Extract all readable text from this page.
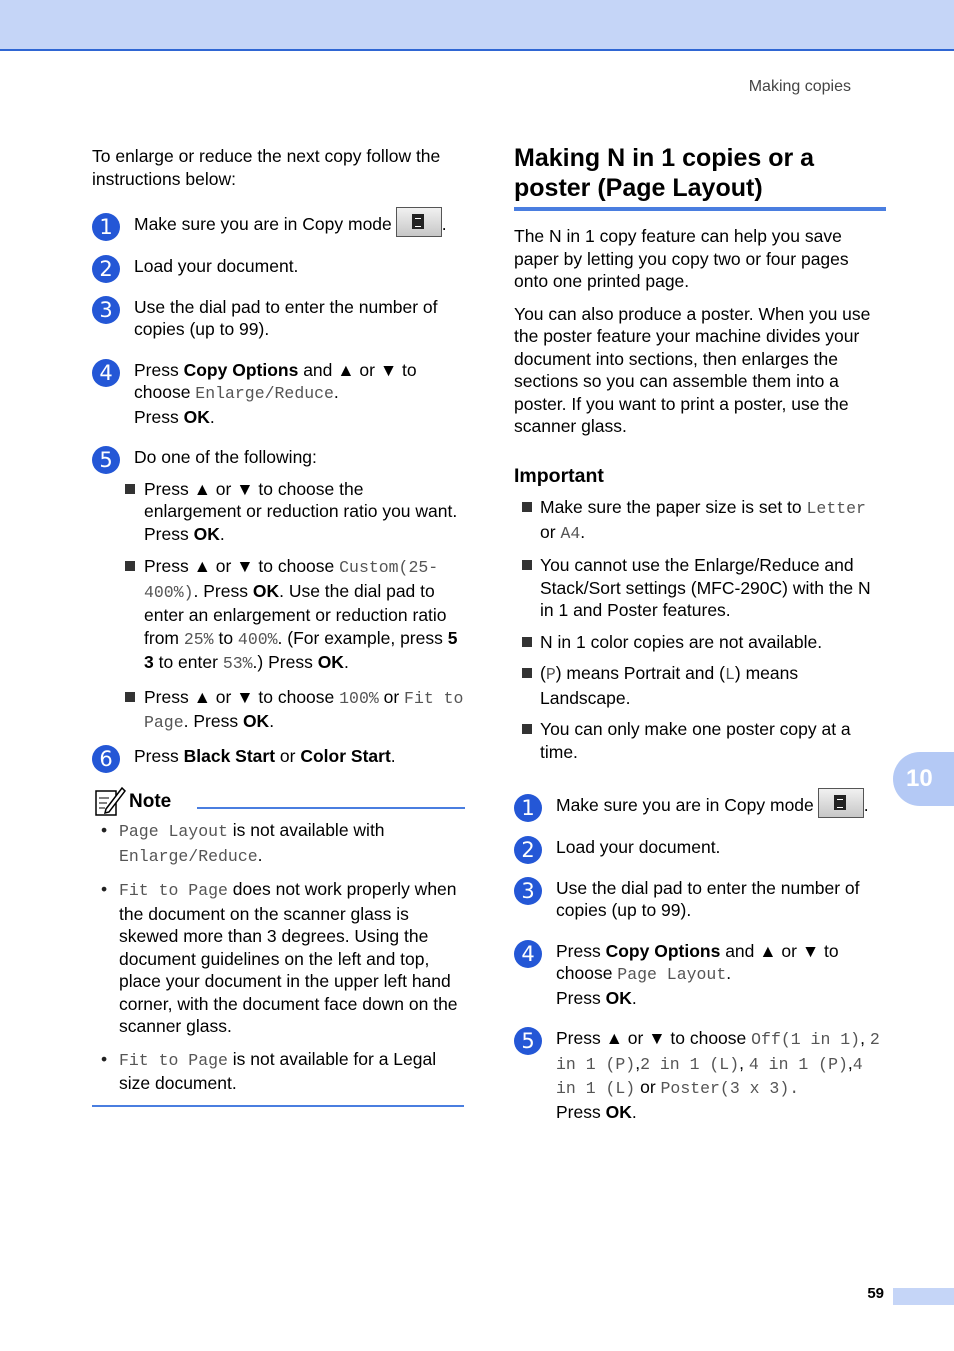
Making copies

To enlarge or reduce the next copy follow the instructions below:

1	Make sure you are in Copy mode	.
2	Load your document.
3	Use the dial pad to enter the number of copies (up to 99).
4	Press Copy Options and ▲ or ▼ to choose Enlarge/Reduce.

Press OK.

5	Do one of the following:

Press ▲ or ▼ to choose the enlargement or reduction ratio you want. Press OK.

Press ▲ or ▼ to choose Custom(25-400%). Press OK. Use the dial pad to enter an enlargement or reduction ratio from 25% to 400%. (For example, press 5 3 to enter 53%.) Press OK.

Press ▲ or ▼ to choose 100% or Fit to Page. Press OK.

6	Press Black Start or Color Start.

Note

• Page Layout is not available with Enlarge/Reduce.

• Fit to Page does not work properly when the document on the scanner glass is skewed more than 3 degrees. Using the document guidelines on the left and top, place your document in the upper left hand corner, with the document face down on the scanner glass.

• Fit to Page is not available for a Legal size document.

Making N in 1 copies or a poster (Page Layout)

The N in 1 copy feature can help you save paper by letting you copy two or four pages onto one printed page.

You can also produce a poster. When you use the poster feature your machine divides your document into sections, then enlarges the sections so you can assemble them into a poster. If you want to print a poster, use the scanner glass.

Important

Make sure the paper size is set to Letter or A4.

You cannot use the Enlarge/Reduce and Stack/Sort settings (MFC-290C) with the N in 1 and Poster features.

N in 1 color copies are not available.

(P) means Portrait and (L) means Landscape.

You can only make one poster copy at a time.

1	Make sure you are in Copy mode	.
2	Load your document.
3	Use the dial pad to enter the number of copies (up to 99).
4	Press Copy Options and ▲ or ▼ to choose Page Layout.

Press OK.

5	Press ▲ or ▼ to choose Off(1 in 1), 2 in 1 (P),2 in 1 (L), 4 in 1 (P),4 in 1 (L) or Poster(3 x 3).

Press OK.

10
59
